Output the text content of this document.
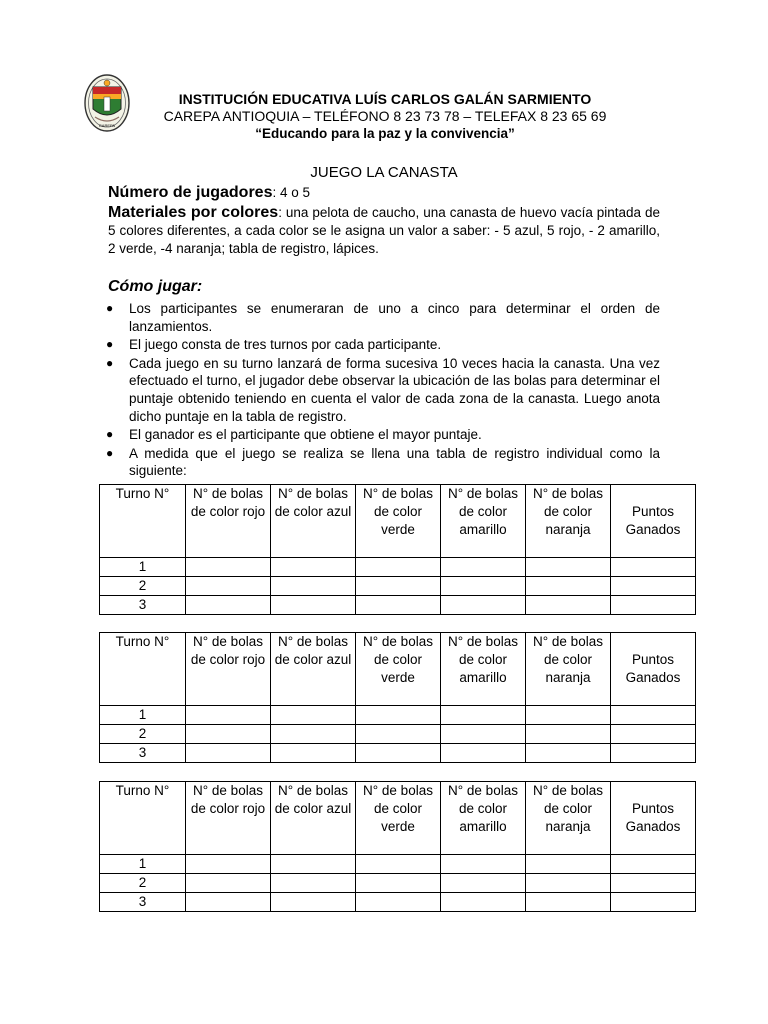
CAREPA
INSTITUCIÓN EDUCATIVA LUÍS CARLOS GALÁN SARMIENTO
CAREPA ANTIOQUIA – TELÉFONO 8 23 73 78 – TELEFAX 8 23 65 69
“Educando para la paz y la convivencia”
JUEGO LA CANASTA
Número de jugadores: 4 o 5
Materiales por colores: una pelota de caucho, una canasta de huevo vacía pintada de 5 colores diferentes, a cada color se le asigna un valor a saber: - 5 azul, 5 rojo, - 2 amarillo, 2 verde, -4 naranja; tabla de registro, lápices.
Cómo jugar:
● Los participantes se enumeraran de uno a cinco para determinar el orden de lanzamientos.
● El juego consta de tres turnos por cada participante.
● Cada juego en su turno lanzará de forma sucesiva 10 veces hacia la canasta. Una vez efectuado el turno, el jugador debe observar la ubicación de las bolas para determinar el puntaje obtenido teniendo en cuenta el valor de cada zona de la canasta. Luego anota dicho puntaje en la tabla de registro.
● El ganador es el participante que obtiene el mayor puntaje.
● A medida que el juego se realiza se llena una tabla de registro individual como la siguiente:
Turno N°	N° de bolas de color rojo	N° de bolas de color azul	N° de bolas de color verde	N° de bolas de color amarillo	N° de bolas de color naranja	Puntos Ganados
1						
2						
3						
Turno N°	N° de bolas de color rojo	N° de bolas de color azul	N° de bolas de color verde	N° de bolas de color amarillo	N° de bolas de color naranja	Puntos Ganados
1						
2						
3						
Turno N°	N° de bolas de color rojo	N° de bolas de color azul	N° de bolas de color verde	N° de bolas de color amarillo	N° de bolas de color naranja	Puntos Ganados
1						
2						
3						
